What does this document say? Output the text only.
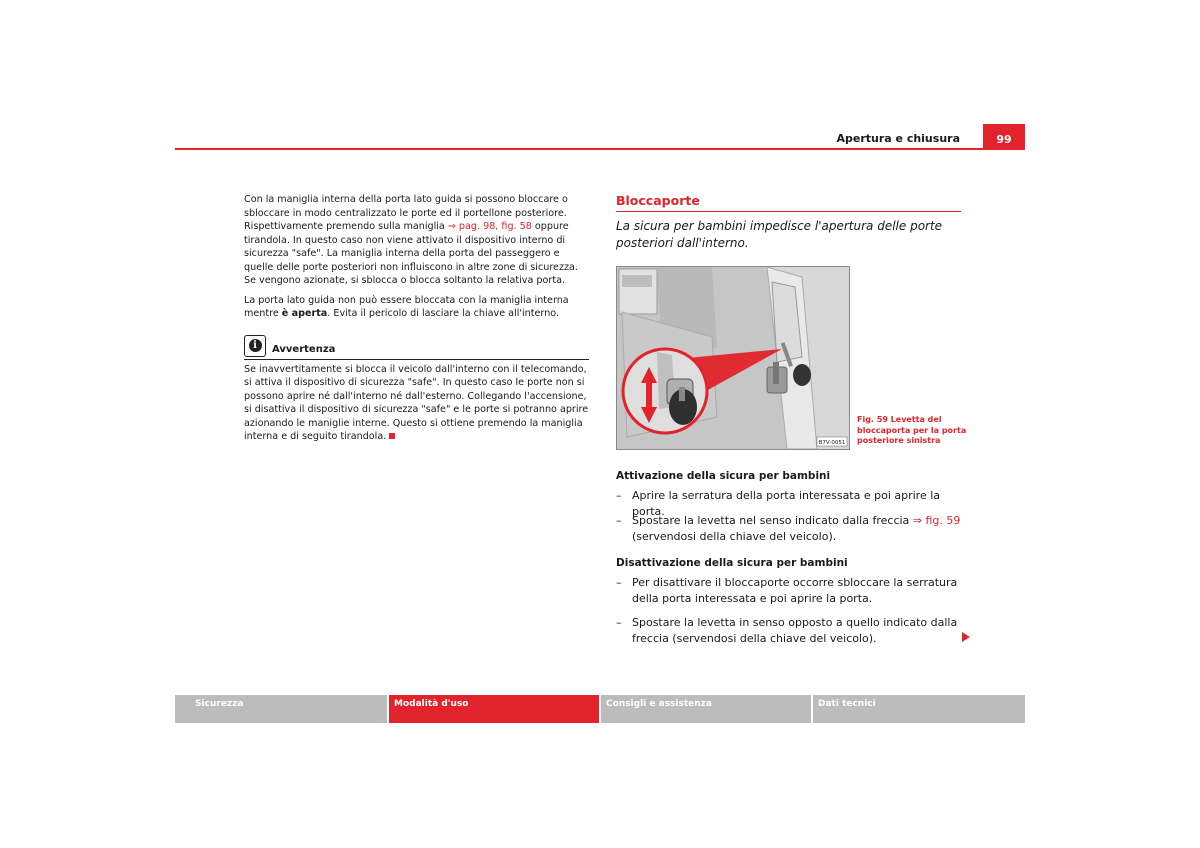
Apertura e chiusura	99

Con la maniglia interna della porta lato guida si possono bloccare o sbloccare in modo centralizzato le porte ed il portellone posteriore. Rispettivamente premendo sulla maniglia ⇒ pag. 98, fig. 58 oppure tirandola. In questo caso non viene attivato il dispositivo interno di sicurezza "safe". La maniglia interna della porta del passeggero e quelle delle porte posteriori non influiscono in altre zone di sicurezza. Se vengono azionate, si sblocca o blocca soltanto la relativa porta.

La porta lato guida non può essere bloccata con la maniglia interna mentre è aperta. Evita il pericolo di lasciare la chiave all'interno.

i	Avvertenza

Se inavvertitamente si blocca il veicolo dall'interno con il telecomando, si attiva il dispositivo di sicurezza "safe". In questo caso le porte non si possono aprire né dall'interno né dall'esterno. Collegando l'accensione, si disattiva il dispositivo di sicurezza "safe" e le porte si potranno aprire azionando le maniglie interne. Questo si ottiene premendo la maniglia interna e di seguito tirandola.

Bloccaporte

La sicura per bambini impedisce l'apertura delle porte posteriori dall'interno.

B7V-0051
Fig. 59 Levetta del bloccaporta per la porta posteriore sinistra
Attivazione della sicura per bambini
– Aprire la serratura della porta interessata e poi aprire la porta.
– Spostare la levetta nel senso indicato dalla freccia ⇒ fig. 59 (servendosi della chiave del veicolo).
Disattivazione della sicura per bambini
– Per disattivare il bloccaporte occorre sbloccare la serratura della porta interessata e poi aprire la porta.
– Spostare la levetta in senso opposto a quello indicato dalla freccia (servendosi della chiave del veicolo).
Sicurezza	Modalità d'uso	Consigli e assistenza	Dati tecnici
